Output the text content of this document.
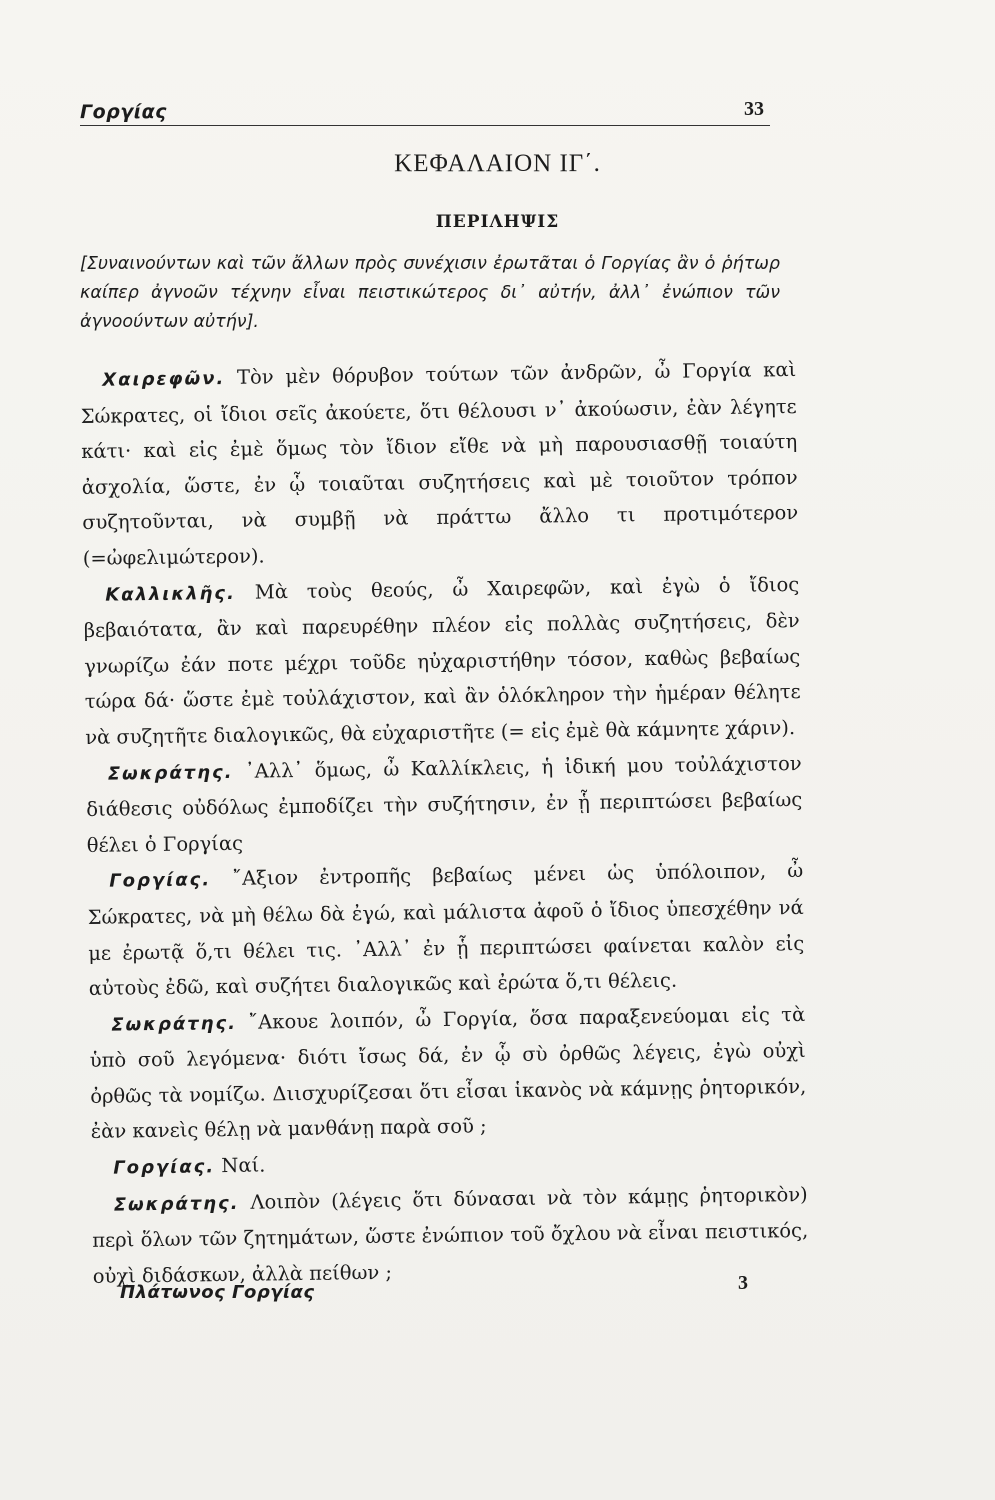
Γοργίας	33
ΚΕΦΑΛΑΙΟΝ ΙΓ΄.
ΠΕΡΙΛΗΨΙΣ
[Συναινούντων καὶ τῶν ἄλλων πρὸς συνέχισιν ἐρωτᾶται ὁ Γοργίας ἂν ὁ ῥήτωρ καίπερ ἀγνοῶν τέχνην εἶναι πειστικώτερος δι᾽ αὐτήν, ἀλλ᾽ ἐνώπιον τῶν ἀγνοούντων αὐτήν].

Χαιρεφῶν. Τὸν μὲν θόρυβον τούτων τῶν ἀνδρῶν, ὦ Γοργία καὶ Σώκρατες, οἱ ἴδιοι σεῖς ἀκούετε, ὅτι θέλουσι ν᾽ ἀκούωσιν, ἐὰν λέγητε κάτι· καὶ εἰς ἐμὲ ὅμως τὸν ἴδιον εἴθε νὰ μὴ παρουσιασθῇ τοιαύτη ἀσχολία, ὥστε, ἐν ᾧ τοιαῦται συζητήσεις καὶ μὲ τοιοῦτον τρόπον συζητοῦνται, νὰ συμβῇ νὰ πράττω ἄλλο τι προτιμότερον (=ὠφελιμώτερον).

Καλλικλῆς. Μὰ τοὺς θεούς, ὦ Χαιρεφῶν, καὶ ἐγὼ ὁ ἴδιος βεβαιότατα, ἂν καὶ παρευρέθην πλέον εἰς πολλὰς συζητήσεις, δὲν γνωρίζω ἐάν ποτε μέχρι τοῦδε ηὐχαριστήθην τόσον, καθὼς βεβαίως τώρα δά· ὥστε ἐμὲ τοὐλάχιστον, καὶ ἂν ὁλόκληρον τὴν ἡμέραν θέλητε νὰ συζητῆτε διαλογικῶς, θὰ εὐχαριστῆτε (= εἰς ἐμὲ θὰ κάμνητε χάριν).

Σωκράτης. ᾽Αλλ᾽ ὅμως, ὦ Καλλίκλεις, ἡ ἰδική μου τοὐλάχιστον διάθεσις οὐδόλως ἐμποδίζει τὴν συζήτησιν, ἐν ᾗ περιπτώσει βεβαίως θέλει ὁ Γοργίας

Γοργίας. ῎Αξιον ἐντροπῆς βεβαίως μένει ὡς ὑπόλοιπον, ὦ Σώκρατες, νὰ μὴ θέλω δὰ ἐγώ, καὶ μάλιστα ἀφοῦ ὁ ἴδιος ὑπεσχέθην νά με ἐρωτᾷ ὅ,τι θέλει τις. ᾽Αλλ᾽ ἐν ᾗ περιπτώσει φαίνεται καλὸν εἰς αὐτοὺς ἐδῶ, καὶ συζήτει διαλογικῶς καὶ ἐρώτα ὅ,τι θέλεις.

Σωκράτης. ῎Ακουε λοιπόν, ὦ Γοργία, ὅσα παραξενεύομαι εἰς τὰ ὑπὸ σοῦ λεγόμενα· διότι ἴσως δά, ἐν ᾧ σὺ ὀρθῶς λέγεις, ἐγὼ οὐχὶ ὀρθῶς τὰ νομίζω. Διισχυρίζεσαι ὅτι εἶσαι ἱκανὸς νὰ κάμνῃς ῥητορικόν, ἐὰν κανεὶς θέλῃ νὰ μανθάνῃ παρὰ σοῦ ;

Γοργίας. Ναί.

Σωκράτης. Λοιπὸν (λέγεις ὅτι δύνασαι νὰ τὸν κάμῃς ῥητορικὸν) περὶ ὅλων τῶν ζητημάτων, ὥστε ἐνώπιον τοῦ ὄχλου νὰ εἶναι πειστικός, οὐχὶ διδάσκων, ἀλλὰ πείθων ;

Πλάτωνος Γοργίας	3
